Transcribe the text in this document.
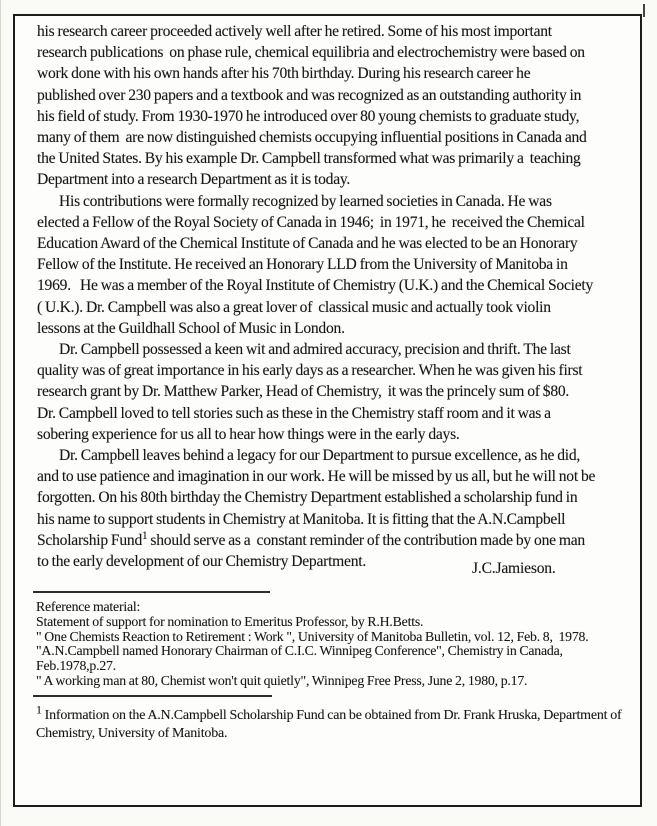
his research career proceeded actively well after he retired. Some of his most important
research publications  on phase rule, chemical equilibria and electrochemistry were based on
work done with his own hands after his 70th birthday. During his research career he
published over 230 papers and a textbook and was recognized as an outstanding authority in
his field of study. From 1930-1970 he introduced over 80 young chemists to graduate study,
many of them  are now distinguished chemists occupying influential positions in Canada and
the United States. By his example Dr. Campbell transformed what was primarily a  teaching
Department into a research Department as it is today.
His contributions were formally recognized by learned societies in Canada. He was
elected a Fellow of the Royal Society of Canada in 1946;  in 1971, he  received the Chemical
Education Award of the Chemical Institute of Canada and he was elected to be an Honorary
Fellow of the Institute. He received an Honorary LLD from the University of Manitoba in
1969.   He was a member of the Royal Institute of Chemistry (U.K.) and the Chemical Society
( U.K.). Dr. Campbell was also a great lover of  classical music and actually took violin
lessons at the Guildhall School of Music in London.
Dr. Campbell possessed a keen wit and admired accuracy, precision and thrift. The last
quality was of great importance in his early days as a researcher. When he was given his first
research grant by Dr. Matthew Parker, Head of Chemistry,  it was the princely sum of $80.
Dr. Campbell loved to tell stories such as these in the Chemistry staff room and it was a
sobering experience for us all to hear how things were in the early days.
Dr. Campbell leaves behind a legacy for our Department to pursue excellence, as he did,
and to use patience and imagination in our work. He will be missed by us all, but he will not be
forgotten. On his 80th birthday the Chemistry Department established a scholarship fund in
his name to support students in Chemistry at Manitoba. It is fitting that the A.N.Campbell
Scholarship Fund$^1$ should serve as a  constant reminder of the contribution made by one man
to the early development of our Chemistry Department.	J.C.Jamieson.
Reference material:
Statement of support for nomination to Emeritus Professor, by R.H.Betts.
" One Chemists Reaction to Retirement : Work ", University of Manitoba Bulletin, vol. 12, Feb. 8,  1978.
"A.N.Campbell named Honorary Chairman of C.I.C. Winnipeg Conference", Chemistry in Canada,
Feb.1978,p.27.
" A working man at 80, Chemist won't quit quietly", Winnipeg Free Press, June 2, 1980, p.17.
$^1$ Information on the A.N.Campbell Scholarship Fund can be obtained from Dr. Frank Hruska, Department of
Chemistry, University of Manitoba.
